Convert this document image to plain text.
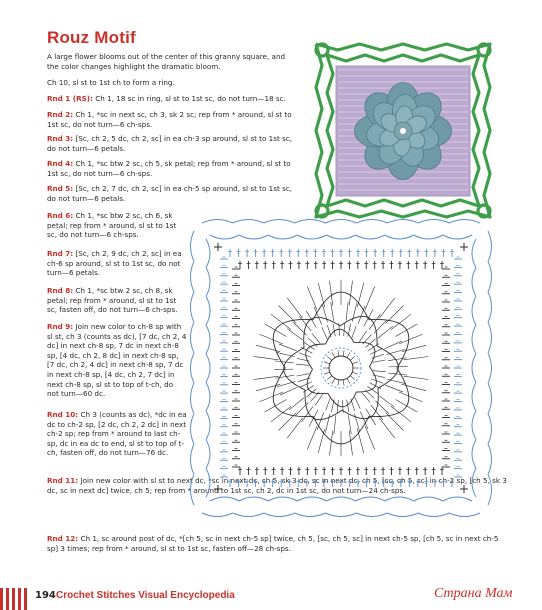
Rouz Motif
A large flower blooms out of the center of this granny square, and the color changes highlight the dramatic bloom.
Ch 10, sl st to 1st ch to form a ring.
Rnd 1 (RS): Ch 1, 18 sc in ring, sl st to 1st sc, do not turn—18 sc.
Rnd 2: Ch 1, *sc in next sc, ch 3, sk 2 sc; rep from * around, sl st to 1st sc, do not turn—6 ch-sps.
Rnd 3: [Sc, ch 2, 5 dc, ch 2, sc] in ea ch-3 sp around, sl st to 1st sc, do not turn—6 petals.
Rnd 4: Ch 1, *sc btw 2 sc, ch 5, sk petal; rep from * around, sl st to 1st sc, do not turn—6 ch-sps.
Rnd 5: [Sc, ch 2, 7 dc, ch 2, sc] in ea ch-5 sp around, sl st to 1st sc, do not turn—6 petals.
Rnd 6: Ch 1, *sc btw 2 sc, ch 6, sk petal; rep from * around, sl st to 1st sc, do not turn—6 ch-sps.
Rnd 7: [Sc, ch 2, 9 dc, ch 2, sc] in ea ch-6 sp around, sl st to 1st sc, do not turn—6 petals.
Rnd 8: Ch 1, *sc btw 2 sc, ch 8, sk petal; rep from * around, sl st to 1st sc, fasten off, do not turn—6 ch-sps.
Rnd 9: Join new color to ch-8 sp with sl st, ch 3 (counts as dc), [7 dc, ch 2, 4 dc] in next ch-8 sp, 7 dc in next ch-8 sp, [4 dc, ch 2, 8 dc] in next ch-8 sp, [7 dc, ch 2, 4 dc] in next ch-8 sp, 7 dc in next ch-8 sp, [4 dc, ch 2, 7 dc] in next ch-8 sp, sl st to top of t-ch, do not turn—60 dc.
Rnd 10: Ch 3 (counts as dc), *dc in ea dc to ch-2 sp, [2 dc, ch 2, 2 dc] in next ch-2 sp; rep from * around to last ch-sp, dc in ea dc to end, sl st to top of t-ch, fasten off, do not turn—76 dc.
Rnd 11: Join new color with sl st to next dc, *sc in next dc, ch 5, sk 3 dc, sc in next dc, ch 5, [sc, ch 5, sc] in ch-2 sp, [ch 5, sk 3 dc, sc in next dc] twice, ch 5; rep from * around to 1st sc, ch 2, dc in 1st sc, do not turn—24 ch-sps.
Rnd 12: Ch 1, sc around post of dc, *[ch 5, sc in next ch-5 sp] twice, ch 5, [sc, ch 5, sc] in next ch-5 sp, [ch 5, sc in next ch-5 sp] 3 times; rep from * around, sl st to 1st sc, fasten off—28 ch-sps.
194 Crochet Stitches Visual Encyclopedia	Страна Мам
